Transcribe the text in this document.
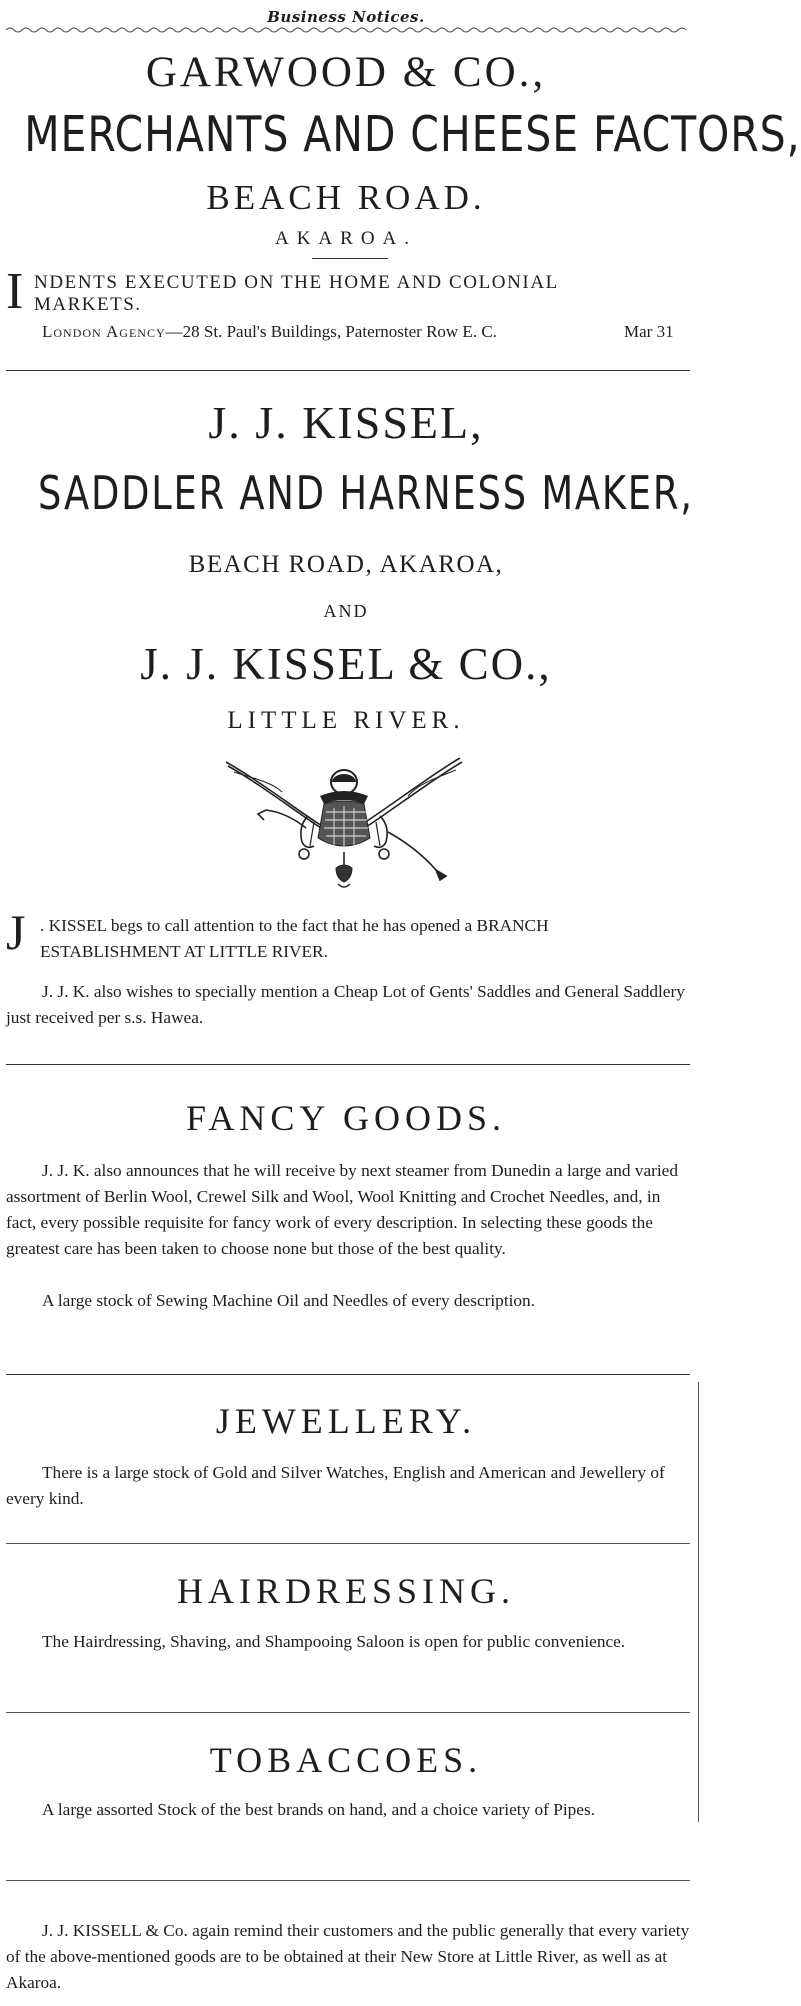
Business Notices.
GARWOOD & CO.,
MERCHANTS AND CHEESE FACTORS,
BEACH ROAD.
AKAROA.
I NDENTS EXECUTED ON THE HOME AND COLONIAL
MARKETS.
London Agency—28 St. Paul's Buildings, Paternoster Row E. C.	Mar 31
J. J. KISSEL,
SADDLER AND HARNESS MAKER,
BEACH ROAD, AKAROA,
AND
J. J. KISSEL & CO.,
LITTLE RIVER.
J . KISSEL begs to call attention to the fact that he has opened a BRANCH ESTABLISHMENT AT LITTLE RIVER.
J. J. K. also wishes to specially mention a Cheap Lot of Gents' Saddles and General Saddlery just received per s.s. Hawea.
FANCY GOODS.
J. J. K. also announces that he will receive by next steamer from Dunedin a large and varied assortment of Berlin Wool, Crewel Silk and Wool, Wool Knitting and Crochet Needles, and, in fact, every possible requisite for fancy work of every description. In selecting these goods the greatest care has been taken to choose none but those of the best quality.
A large stock of Sewing Machine Oil and Needles of every description.
JEWELLERY.
There is a large stock of Gold and Silver Watches, English and American and Jewellery of every kind.
HAIRDRESSING.
The Hairdressing, Shaving, and Shampooing Saloon is open for public convenience.
TOBACCOES.
A large assorted Stock of the best brands on hand, and a choice variety of Pipes.
J. J. KISSELL & Co. again remind their customers and the public generally that every variety of the above-mentioned goods are to be obtained at their New Store at Little River, as well as at Akaroa.
